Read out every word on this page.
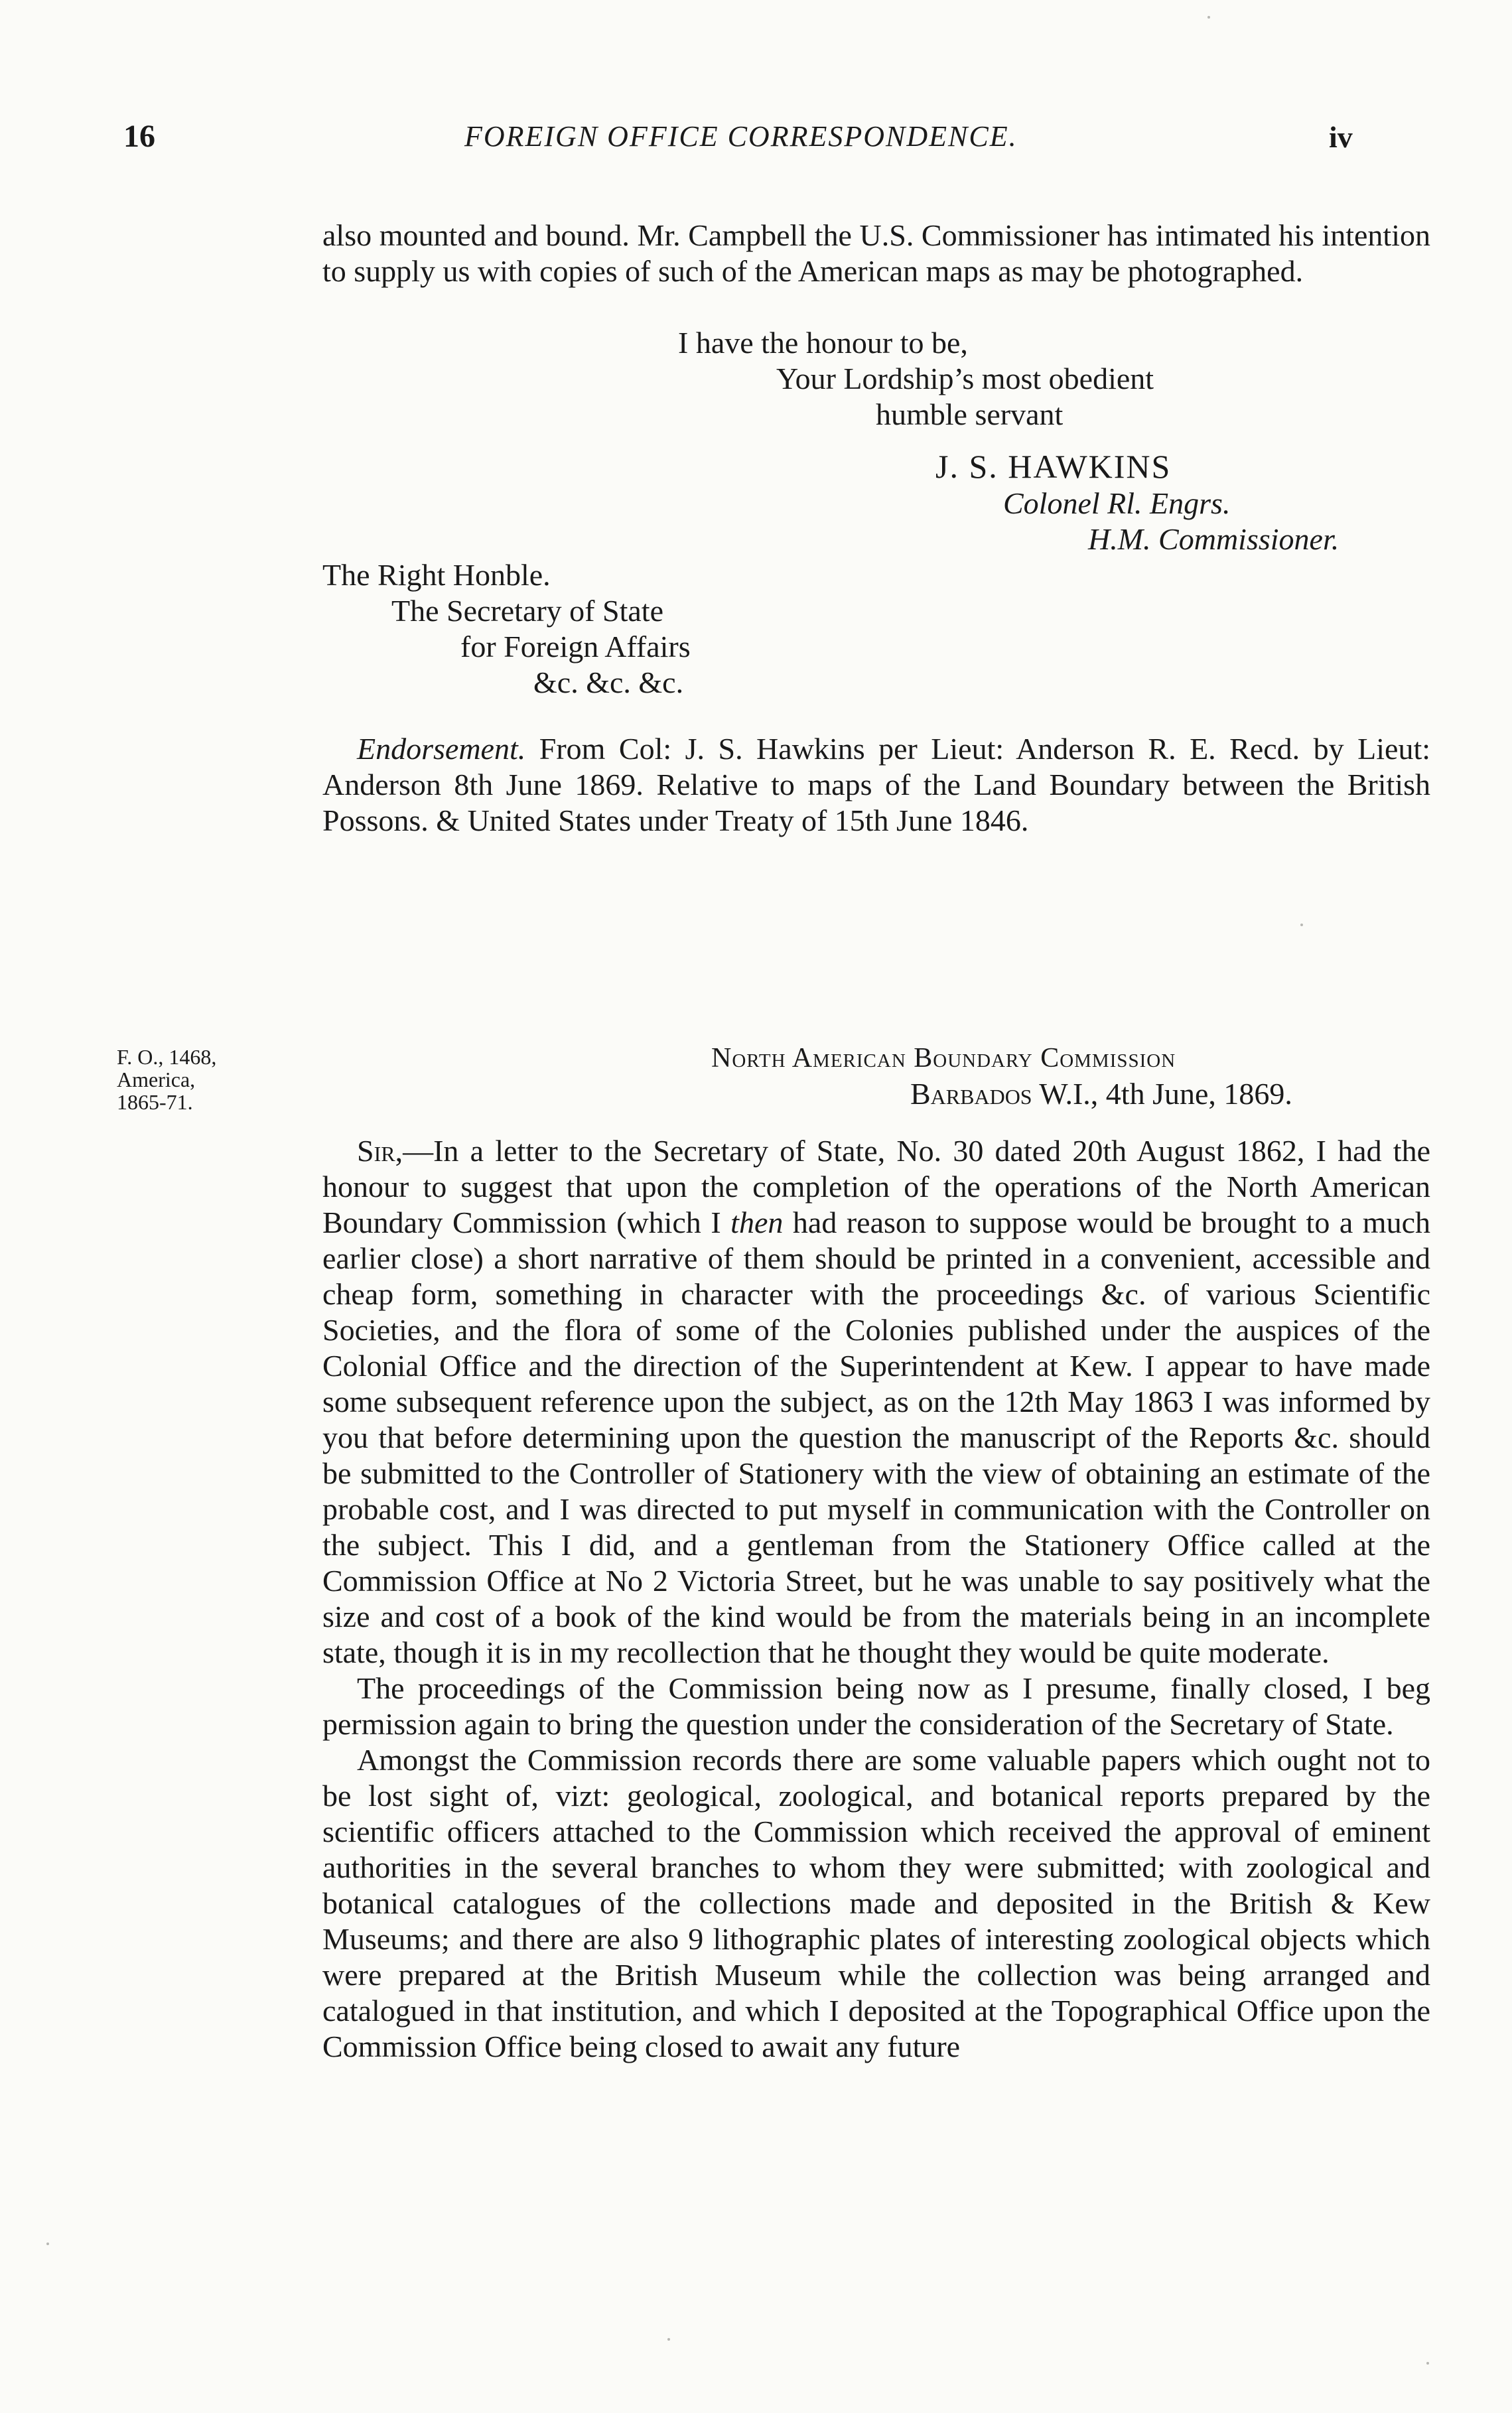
16	FOREIGN OFFICE CORRESPONDENCE.	iv

also mounted and bound. Mr. Campbell the U.S. Commissioner has intimated his intention to supply us with copies of such of the American maps as may be photographed.

I have the honour to be,
Your Lordship’s most obedient
humble servant
J. S. HAWKINS
Colonel Rl. Engrs.
H.M. Commissioner.
The Right Honble.
The Secretary of State
for Foreign Affairs
&c. &c. &c.

Endorsement. From Col: J. S. Hawkins per Lieut: Anderson R. E. Recd. by Lieut: Anderson 8th June 1869. Relative to maps of the Land Boundary between the British Possons. & United States under Treaty of 15th June 1846.

F. O., 1468,
America,
1865-71.
North American Boundary Commission
Barbados W.I., 4th June, 1869.

Sir,—In a letter to the Secretary of State, No. 30 dated 20th August 1862, I had the honour to suggest that upon the completion of the operations of the North American Boundary Commission (which I then had reason to suppose would be brought to a much earlier close) a short narrative of them should be printed in a convenient, accessible and cheap form, something in character with the proceedings &c. of various Scientific Societies, and the flora of some of the Colonies published under the auspices of the Colonial Office and the direction of the Superintendent at Kew. I appear to have made some subsequent reference upon the subject, as on the 12th May 1863 I was informed by you that before determining upon the question the manuscript of the Reports &c. should be submitted to the Controller of Stationery with the view of obtaining an estimate of the probable cost, and I was directed to put myself in communication with the Controller on the subject. This I did, and a gentleman from the Stationery Office called at the Commission Office at No 2 Victoria Street, but he was unable to say positively what the size and cost of a book of the kind would be from the materials being in an incomplete state, though it is in my recollection that he thought they would be quite moderate.

The proceedings of the Commission being now as I presume, finally closed, I beg permission again to bring the question under the consideration of the Secretary of State.

Amongst the Commission records there are some valuable papers which ought not to be lost sight of, vizt: geological, zoological, and botanical reports prepared by the scientific officers attached to the Commission which received the approval of eminent authorities in the several branches to whom they were submitted; with zoological and botanical catalogues of the collections made and deposited in the British & Kew Museums; and there are also 9 lithographic plates of interesting zoological objects which were prepared at the British Museum while the collection was being arranged and catalogued in that institution, and which I deposited at the Topographical Office upon the Commission Office being closed to await any future
